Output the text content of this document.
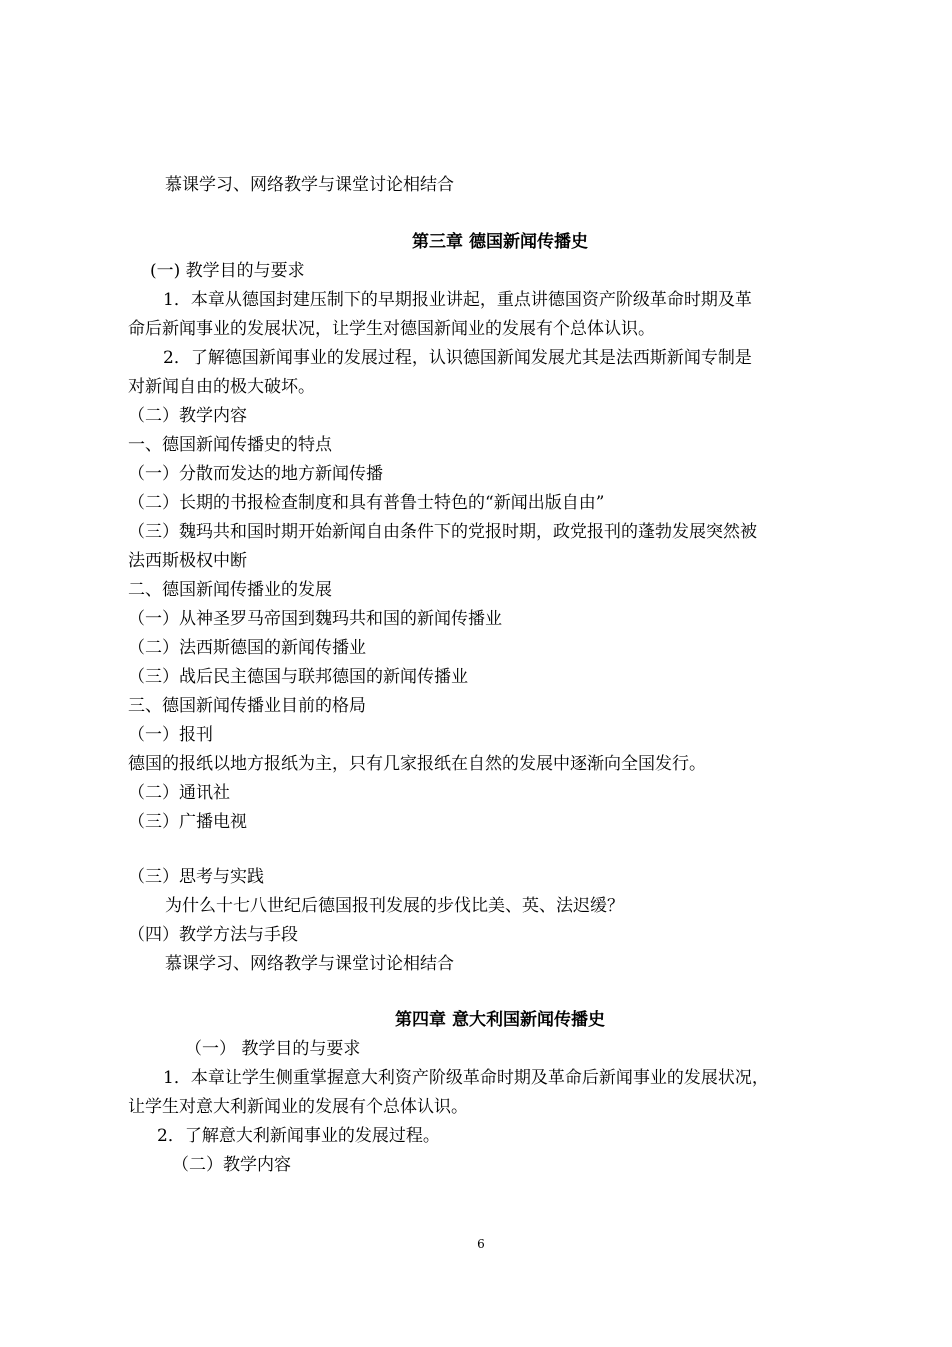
慕课学习、网络教学与课堂讨论相结合
第三章 德国新闻传播史
(一) 教学目的与要求
1．本章从德国封建压制下的早期报业讲起，重点讲德国资产阶级革命时期及革
命后新闻事业的发展状况，让学生对德国新闻业的发展有个总体认识。
2．了解德国新闻事业的发展过程，认识德国新闻发展尤其是法西斯新闻专制是
对新闻自由的极大破坏。
（二）教学内容
一、德国新闻传播史的特点
（一）分散而发达的地方新闻传播
（二）长期的书报检查制度和具有普鲁士特色的“新闻出版自由”
（三）魏玛共和国时期开始新闻自由条件下的党报时期，政党报刊的蓬勃发展突然被
法西斯极权中断
二、德国新闻传播业的发展
（一）从神圣罗马帝国到魏玛共和国的新闻传播业
（二）法西斯德国的新闻传播业
（三）战后民主德国与联邦德国的新闻传播业
三、德国新闻传播业目前的格局
（一）报刊
德国的报纸以地方报纸为主，只有几家报纸在自然的发展中逐渐向全国发行。
（二）通讯社
（三）广播电视
（三）思考与实践
为什么十七八世纪后德国报刊发展的步伐比美、英、法迟缓？
（四）教学方法与手段
慕课学习、网络教学与课堂讨论相结合
第四章 意大利国新闻传播史
（一） 教学目的与要求
1．本章让学生侧重掌握意大利资产阶级革命时期及革命后新闻事业的发展状况，
让学生对意大利新闻业的发展有个总体认识。
2．了解意大利新闻事业的发展过程。
（二）教学内容
6
